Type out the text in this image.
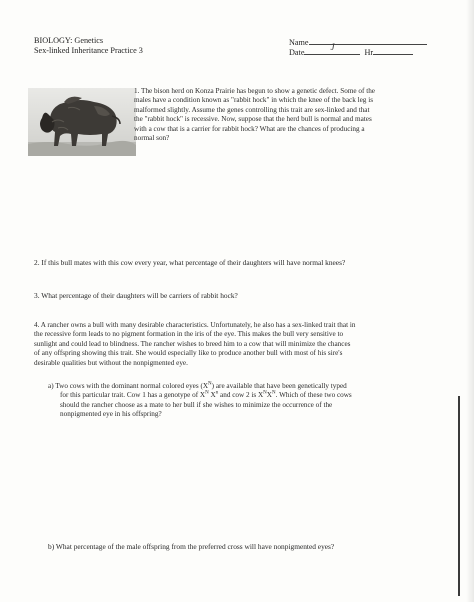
BIOLOGY: Genetics
Sex-linked Inheritance Practice 3
Name
Date
J
Hr
1. The bison herd on Konza Prairie has begun to show a genetic defect. Some of the
males have a condition known as "rabbit hock" in which the knee of the back leg is
malformed slightly. Assume the genes controlling this trait are sex-linked and that
the "rabbit hock" is recessive. Now, suppose that the herd bull is normal and mates
with a cow that is a carrier for rabbit hock? What are the chances of producing a
normal son?
2. If this bull mates with this cow every year, what percentage of their daughters will have normal knees?
3. What percentage of their daughters will be carriers of rabbit hock?
4. A rancher owns a bull with many desirable characteristics. Unfortunately, he also has a sex-linked trait that in
the recessive form leads to no pigment formation in the iris of the eye. This makes the bull very sensitive to
sunlight and could lead to blindness. The rancher wishes to breed him to a cow that will minimize the chances
of any offspring showing this trait. She would especially like to produce another bull with most of his sire's
desirable qualities but without the nonpigmented eye.
a) Two cows with the dominant normal colored eyes $(X^N)$ are available that have been genetically typed
for this particular trait. Cow 1 has a genotype of $X^N$ $X^n$ and cow 2 is $X^NX^N$. Which of these two cows
should the rancher choose as a mate to her bull if she wishes to minimize the occurrence of the
nonpigmented eye in his offspring?
b) What percentage of the male offspring from the preferred cross will have nonpigmented eyes?
